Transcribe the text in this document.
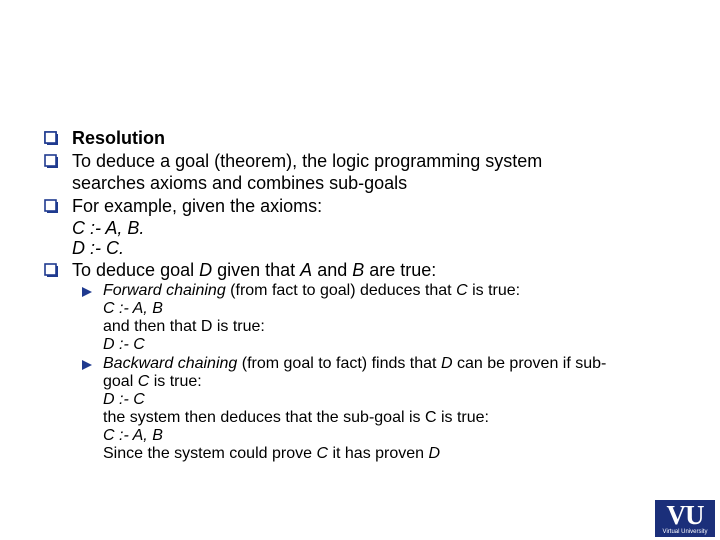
Resolution
To deduce a goal (theorem), the logic programming system
searches axioms and combines sub-goals
For example, given the axioms:
C :- A, B.
D :- C.
To deduce goal D given that A and B are true:
Forward chaining (from fact to goal) deduces that C is true:
C :- A, B
and then that D is true:
D :- C
Backward chaining (from goal to fact) finds that D can be proven if sub-
goal C is true:
D :- C
the system then deduces that the sub-goal is C is true:
C :- A, B
Since the system could prove C it has proven D
VU
Virtual University
